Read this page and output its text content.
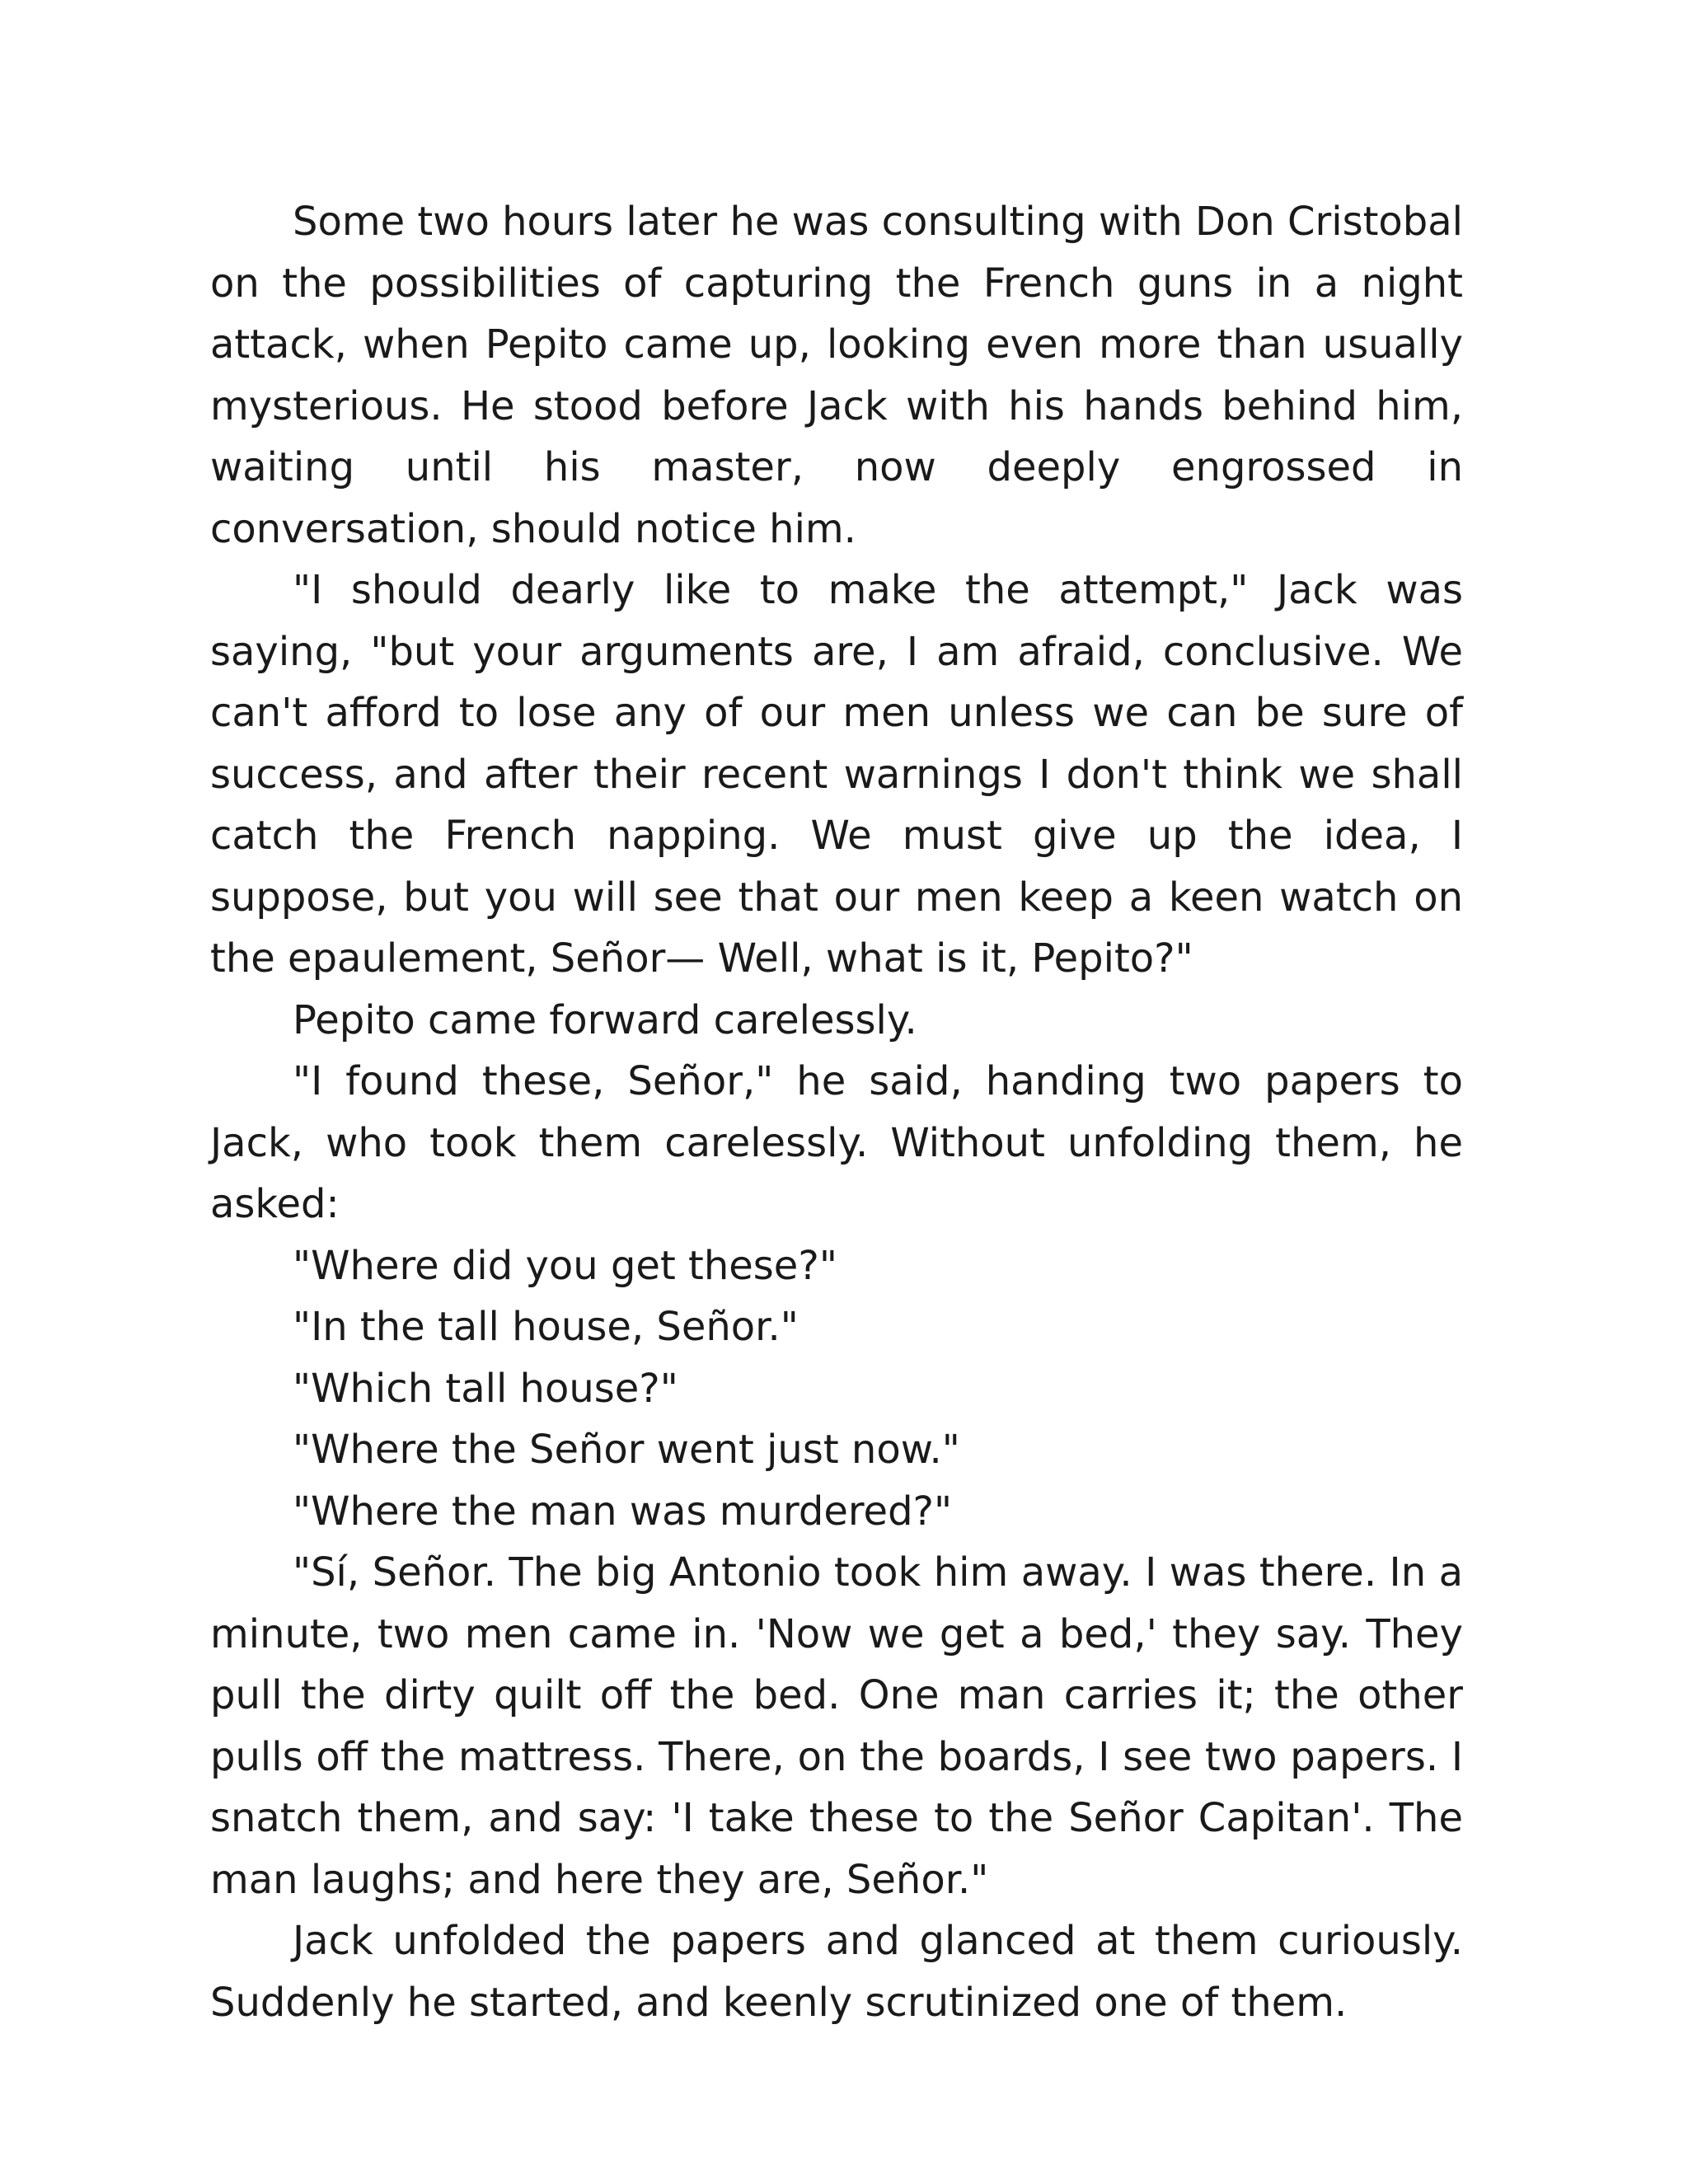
Some two hours later he was consulting with Don Cristobal on the possibilities of capturing the French guns in a night attack, when Pepito came up, looking even more than usually mysterious. He stood before Jack with his hands behind him, waiting until his master, now deeply engrossed in conversation, should notice him.

"I should dearly like to make the attempt," Jack was saying, "but your arguments are, I am afraid, conclusive. We can't afford to lose any of our men unless we can be sure of success, and after their recent warnings I don't think we shall catch the French napping. We must give up the idea, I suppose, but you will see that our men keep a keen watch on the epaulement, Señor— Well, what is it, Pepito?"

Pepito came forward carelessly.

"I found these, Señor," he said, handing two papers to Jack, who took them carelessly. Without unfolding them, he asked:

"Where did you get these?"

"In the tall house, Señor."

"Which tall house?"

"Where the Señor went just now."

"Where the man was murdered?"

"Sí, Señor. The big Antonio took him away. I was there. In a minute, two men came in. 'Now we get a bed,' they say. They pull the dirty quilt off the bed. One man carries it; the other pulls off the mattress. There, on the boards, I see two papers. I snatch them, and say: 'I take these to the Señor Capitan'. The man laughs; and here they are, Señor."

Jack unfolded the papers and glanced at them curiously. Suddenly he started, and keenly scrutinized one of them.
